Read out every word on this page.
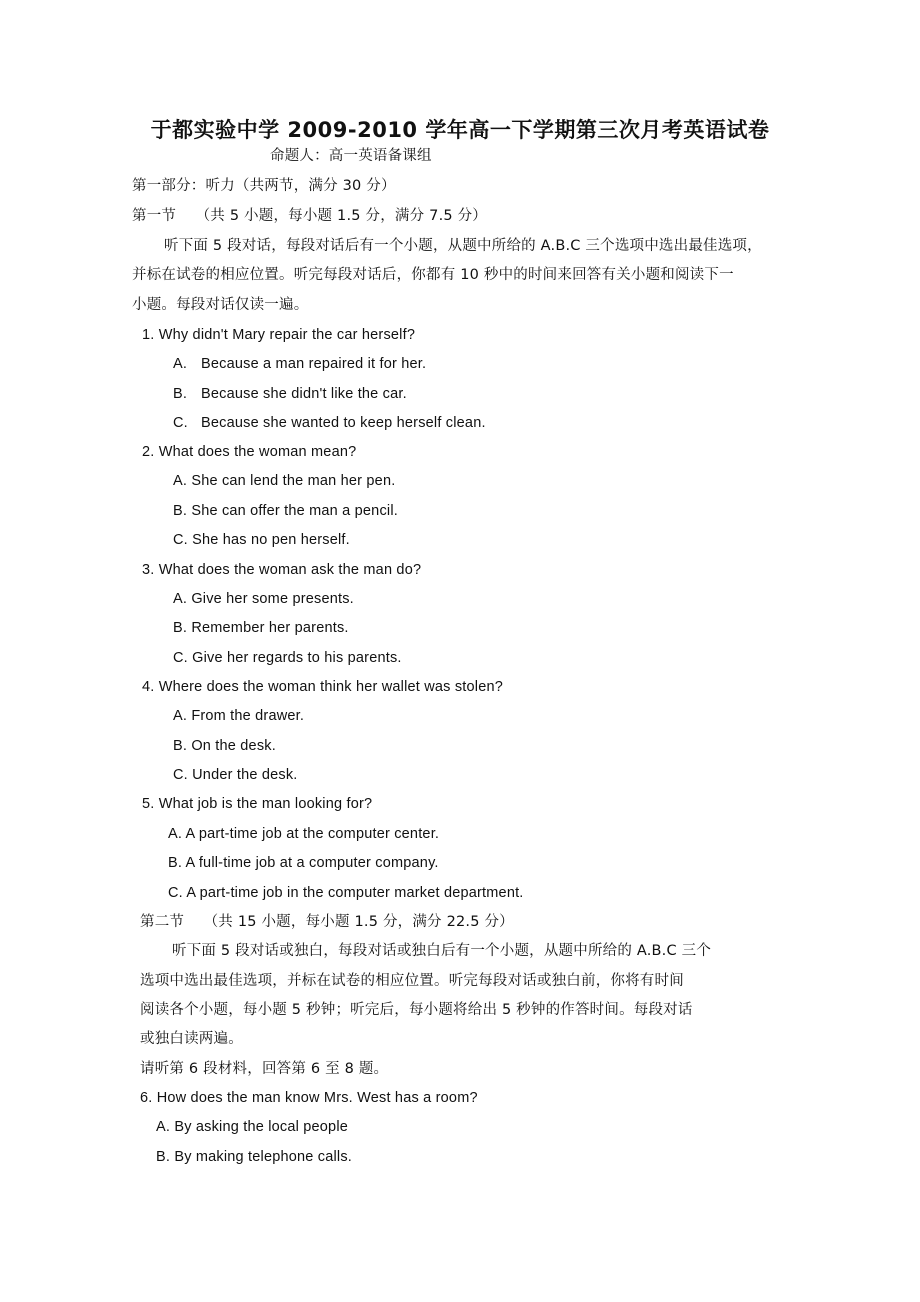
于都实验中学 2009-2010 学年高一下学期第三次月考英语试卷
命题人：高一英语备课组
第一部分：听力（共两节，满分 30 分）
第一节　 （共 5 小题，每小题 1.5 分，满分 7.5 分）
听下面 5 段对话，每段对话后有一个小题，从题中所给的 A.B.C 三个选项中选出最佳选项，
并标在试卷的相应位置。听完每段对话后，你都有 10 秒中的时间来回答有关小题和阅读下一
小题。每段对话仅读一遍。
1. Why didn't Mary repair the car herself?
A. Because a man repaired it for her.
B. Because she didn't like the car.
C. Because she wanted to keep herself clean.
2. What does the woman mean?
A. She can lend the man her pen.
B. She can offer the man a pencil.
C. She has no pen herself.
3. What does the woman ask the man do?
A. Give her some presents.
B. Remember her parents.
C. Give her regards to his parents.
4. Where does the woman think her wallet was stolen?
A. From the drawer.
B. On the desk.
C. Under the desk.
5. What job is the man looking for?
A. A part-time job at the computer center.
B. A full-time job at a computer company.
C. A part-time job in the computer market department.
第二节　 （共 15 小题，每小题 1.5 分，满分 22.5 分）
听下面 5 段对话或独白，每段对话或独白后有一个小题，从题中所给的 A.B.C 三个
选项中选出最佳选项，并标在试卷的相应位置。听完每段对话或独白前，你将有时间
阅读各个小题，每小题 5 秒钟；听完后，每小题将给出 5 秒钟的作答时间。每段对话
或独白读两遍。
请听第 6 段材料，回答第 6 至 8 题。
6. How does the man know Mrs. West has a room?
A. By asking the local people
B. By making telephone calls.
